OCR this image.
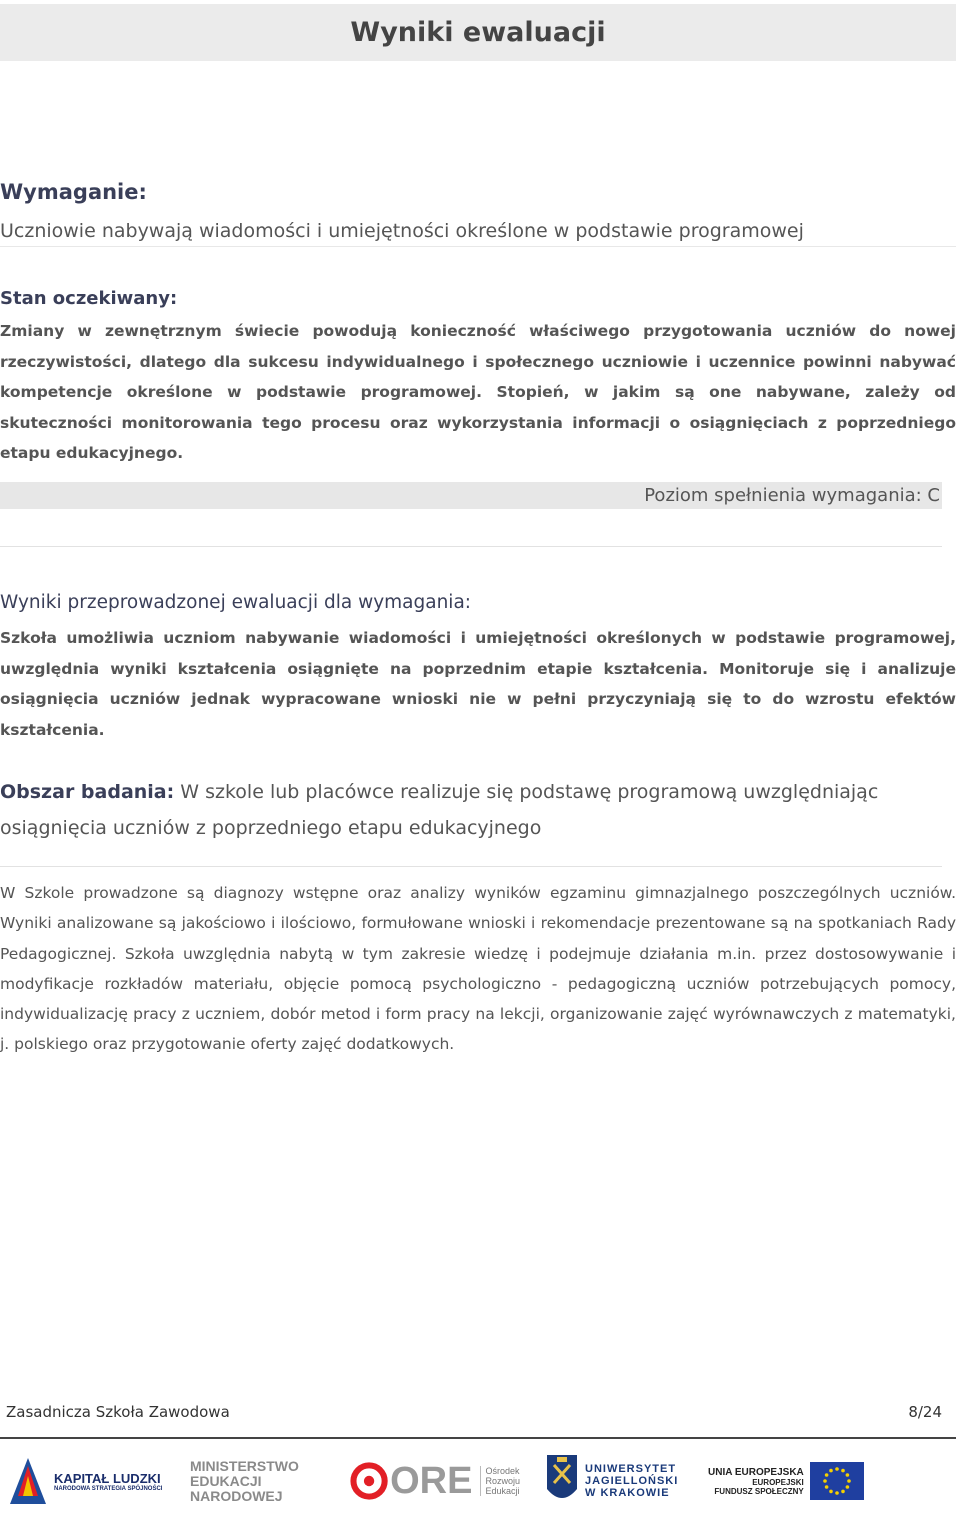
Wyniki ewaluacji
Wymaganie:
Uczniowie nabywają wiadomości i umiejętności określone w podstawie programowej
Stan oczekiwany:
Zmiany w zewnętrznym świecie powodują konieczność właściwego przygotowania uczniów do nowej rzeczywistości, dlatego dla sukcesu indywidualnego i społecznego uczniowie i uczennice powinni nabywać kompetencje określone w podstawie programowej. Stopień, w jakim są one nabywane, zależy od skuteczności monitorowania tego procesu oraz wykorzystania informacji o osiągnięciach z poprzedniego etapu edukacyjnego.
Poziom spełnienia wymagania: C
Wyniki przeprowadzonej ewaluacji dla wymagania:
Szkoła umożliwia uczniom nabywanie wiadomości i umiejętności określonych w podstawie programowej, uwzględnia wyniki kształcenia osiągnięte na poprzednim etapie kształcenia. Monitoruje się i analizuje osiągnięcia uczniów jednak wypracowane wnioski nie w pełni przyczyniają się to do wzrostu efektów kształcenia.
Obszar badania: W szkole lub placówce realizuje się podstawę programową uwzględniając osiągnięcia uczniów z poprzedniego etapu edukacyjnego
W Szkole prowadzone są diagnozy wstępne oraz analizy wyników egzaminu gimnazjalnego poszczególnych uczniów. Wyniki analizowane są jakościowo i ilościowo, formułowane wnioski i rekomendacje prezentowane są na spotkaniach Rady Pedagogicznej. Szkoła uwzględnia nabytą w tym zakresie wiedzę i podejmuje działania m.in. przez dostosowywanie i modyfikacje rozkładów materiału, objęcie pomocą psychologiczno - pedagogiczną uczniów potrzebujących pomocy, indywidualizację pracy z uczniem, dobór metod i form pracy na lekcji, organizowanie zajęć wyrównawczych z matematyki, j. polskiego oraz przygotowanie oferty zajęć dodatkowych.
Zasadnicza Szkoła Zawodowa	8/24
KAPITAŁ LUDZKI
NARODOWA STRATEGIA SPÓJNOŚCI
MINISTERSTWO
EDUKACJI
NARODOWEJ	ORE Ośrodek
Rozwoju
Edukacji
UNIWERSYTET
JAGIELLOŃSKI
W KRAKOWIE
UNIA EUROPEJSKA
EUROPEJSKI
FUNDUSZ SPOŁECZNY
